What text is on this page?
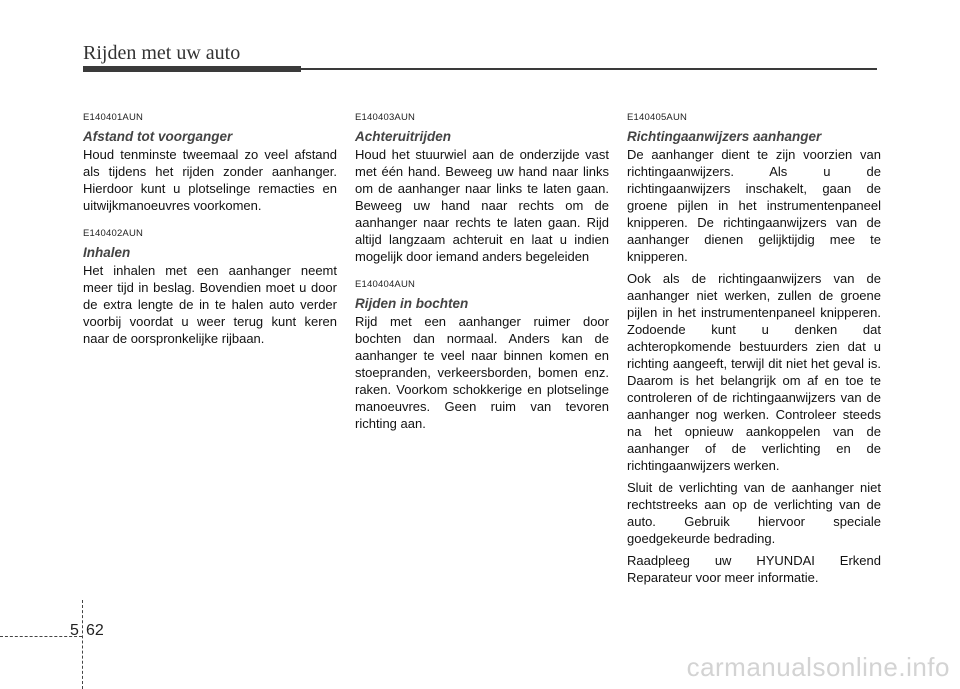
Rijden met uw auto
E140401AUN
Afstand tot voorganger

Houd tenminste tweemaal zo veel afstand als tijdens het rijden zonder aanhanger. Hierdoor kunt u plotselinge remacties en uitwijkmanoeuvres voorkomen.

E140402AUN
Inhalen

Het inhalen met een aanhanger neemt meer tijd in beslag. Bovendien moet u door de extra lengte de in te halen auto verder voorbij voordat u weer terug kunt keren naar de oorspronkelijke rijbaan.

E140403AUN
Achteruitrijden

Houd het stuurwiel aan de onderzijde vast met één hand. Beweeg uw hand naar links om de aanhanger naar links te laten gaan. Beweeg uw hand naar rechts om de aanhanger naar rechts te laten gaan. Rijd altijd langzaam achteruit en laat u indien mogelijk door iemand anders begeleiden

E140404AUN
Rijden in bochten

Rijd met een aanhanger ruimer door bochten dan normaal. Anders kan de aanhanger te veel naar binnen komen en stoepranden, verkeersborden, bomen enz. raken. Voorkom schokkerige en plotselinge manoeuvres. Geen ruim van tevoren richting aan.

E140405AUN
Richtingaanwijzers aanhanger

De aanhanger dient te zijn voorzien van richtingaanwijzers. Als u de richtingaanwijzers inschakelt, gaan de groene pijlen in het instrumentenpaneel knipperen. De richtingaanwijzers van de aanhanger dienen gelijktijdig mee te knipperen.

Ook als de richtingaanwijzers van de aanhanger niet werken, zullen de groene pijlen in het instrumentenpaneel knipperen. Zodoende kunt u denken dat achteropkomende bestuurders zien dat u richting aangeeft, terwijl dit niet het geval is. Daarom is het belangrijk om af en toe te controleren of de richtingaanwijzers van de aanhanger nog werken. Controleer steeds na het opnieuw aankoppelen van de aanhanger of de verlichting en de richtingaanwijzers werken.

Sluit de verlichting van de aanhanger niet rechtstreeks aan op de verlichting van de auto. Gebruik hiervoor speciale goedgekeurde bedrading.

Raadpleeg uw HYUNDAI Erkend Reparateur voor meer informatie.

5 62
carmanualsonline.info
